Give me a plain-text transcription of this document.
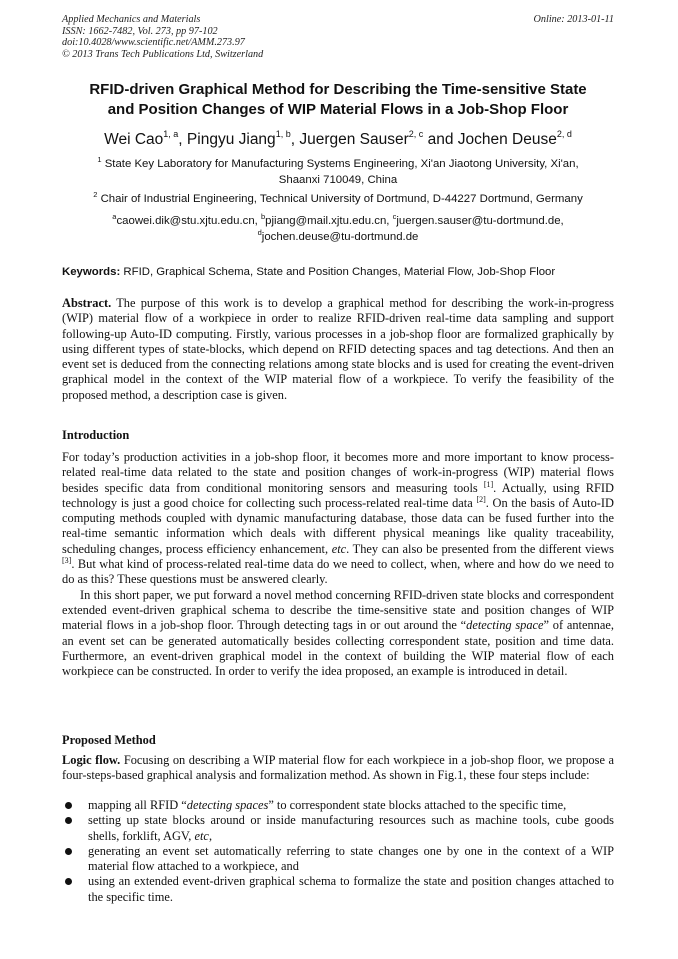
Applied Mechanics and Materials
ISSN: 1662-7482, Vol. 273, pp 97-102
doi:10.4028/www.scientific.net/AMM.273.97
© 2013 Trans Tech Publications Ltd, Switzerland
Online: 2013-01-11
RFID-driven Graphical Method for Describing the Time-sensitive State
and Position Changes of WIP Material Flows in a Job-Shop Floor
Wei Cao$^{1, a}$, Pingyu Jiang$^{1, b}$, Juergen Sauser$^{2, c}$ and Jochen Deuse$^{2, d}$
$^1$ State Key Laboratory for Manufacturing Systems Engineering, Xi'an Jiaotong University, Xi'an,
Shaanxi 710049, China
$^2$ Chair of Industrial Engineering, Technical University of Dortmund, D-44227 Dortmund, Germany
$^a$caowei.dik@stu.xjtu.edu.cn, $^b$pjiang@mail.xjtu.edu.cn, $^c$juergen.sauser@tu-dortmund.de,
$^d$jochen.deuse@tu-dortmund.de
Keywords: RFID, Graphical Schema, State and Position Changes, Material Flow, Job-Shop Floor

Abstract. The purpose of this work is to develop a graphical method for describing the work-in-progress (WIP) material flow of a workpiece in order to realize RFID-driven real-time data sampling and support following-up Auto-ID computing. Firstly, various processes in a job-shop floor are formalized graphically by using different types of state-blocks, which depend on RFID detecting spaces and tag detections. And then an event set is deduced from the connecting relations among state blocks and is used for creating the event-driven graphical model in the context of the WIP material flow of a workpiece. To verify the feasibility of the proposed method, a description case is given.

Introduction

For today’s production activities in a job-shop floor, it becomes more and more important to know process-related real-time data related to the state and position changes of work-in-progress (WIP) material flows besides specific data from conditional monitoring sensors and measuring tools [1]. Actually, using RFID technology is just a good choice for collecting such process-related real-time data [2]. On the basis of Auto-ID computing methods coupled with dynamic manufacturing database, those data can be fused further into the real-time semantic information which deals with different physical meanings like quality traceability, scheduling changes, process efficiency enhancement, etc. They can also be presented from the different views [3]. But what kind of process-related real-time data do we need to collect, when, where and how do we need to do as this? These questions must be answered clearly.

In this short paper, we put forward a novel method concerning RFID-driven state blocks and correspondent extended event-driven graphical schema to describe the time-sensitive state and position changes of WIP material flows in a job-shop floor. Through detecting tags in or out around the “detecting space” of antennae, an event set can be generated automatically besides collecting correspondent state, position and time data. Furthermore, an event-driven graphical model in the context of building the WIP material flow of each workpiece can be constructed. In order to verify the idea proposed, an example is introduced in detail.

Proposed Method

Logic flow. Focusing on describing a WIP material flow for each workpiece in a job-shop floor, we propose a four-steps-based graphical analysis and formalization method. As shown in Fig.1, these four steps include:

mapping all RFID “detecting spaces” to correspondent state blocks attached to the specific time,
setting up state blocks around or inside manufacturing resources such as machine tools, cube goods shells, forklift, AGV, etc,
generating an event set automatically referring to state changes one by one in the context of a WIP material flow attached to a workpiece, and
using an extended event-driven graphical schema to formalize the state and position changes attached to the specific time.
